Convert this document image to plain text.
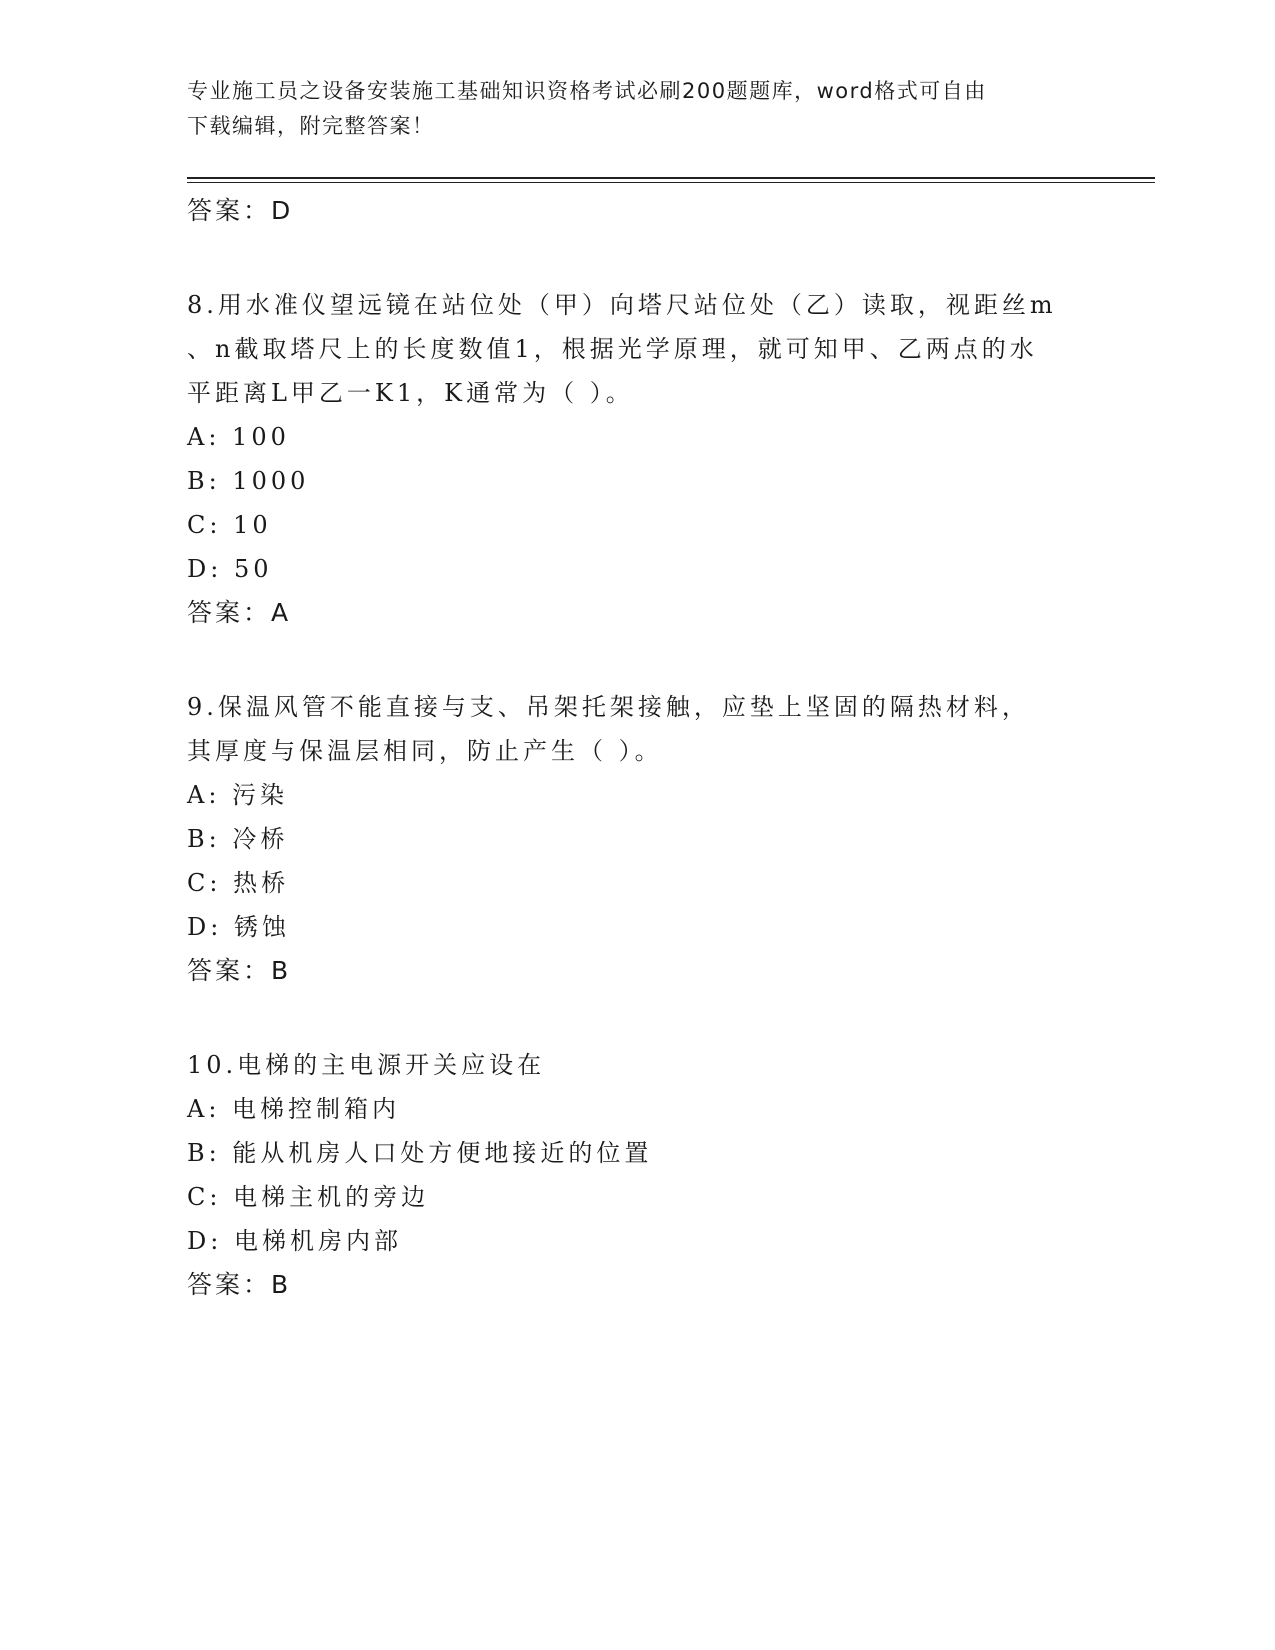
专业施工员之设备安装施工基础知识资格考试必刷200题题库，word格式可自由
下载编辑，附完整答案！
答案：D
8.用水准仪望远镜在站位处（甲）向塔尺站位处（乙）读取，视距丝m
、n截取塔尺上的长度数值1，根据光学原理，就可知甲、乙两点的水
平距离L甲乙一K1，K通常为（ ）。
A: 100
B: 1000
C: 10
D: 50
答案：A
9.保温风管不能直接与支、吊架托架接触，应垫上坚固的隔热材料，
其厚度与保温层相同，防止产生（ ）。
A: 污染
B: 冷桥
C: 热桥
D: 锈蚀
答案：B
10.电梯的主电源开关应设在
A: 电梯控制箱内
B: 能从机房人口处方便地接近的位置
C: 电梯主机的旁边
D: 电梯机房内部
答案：B
